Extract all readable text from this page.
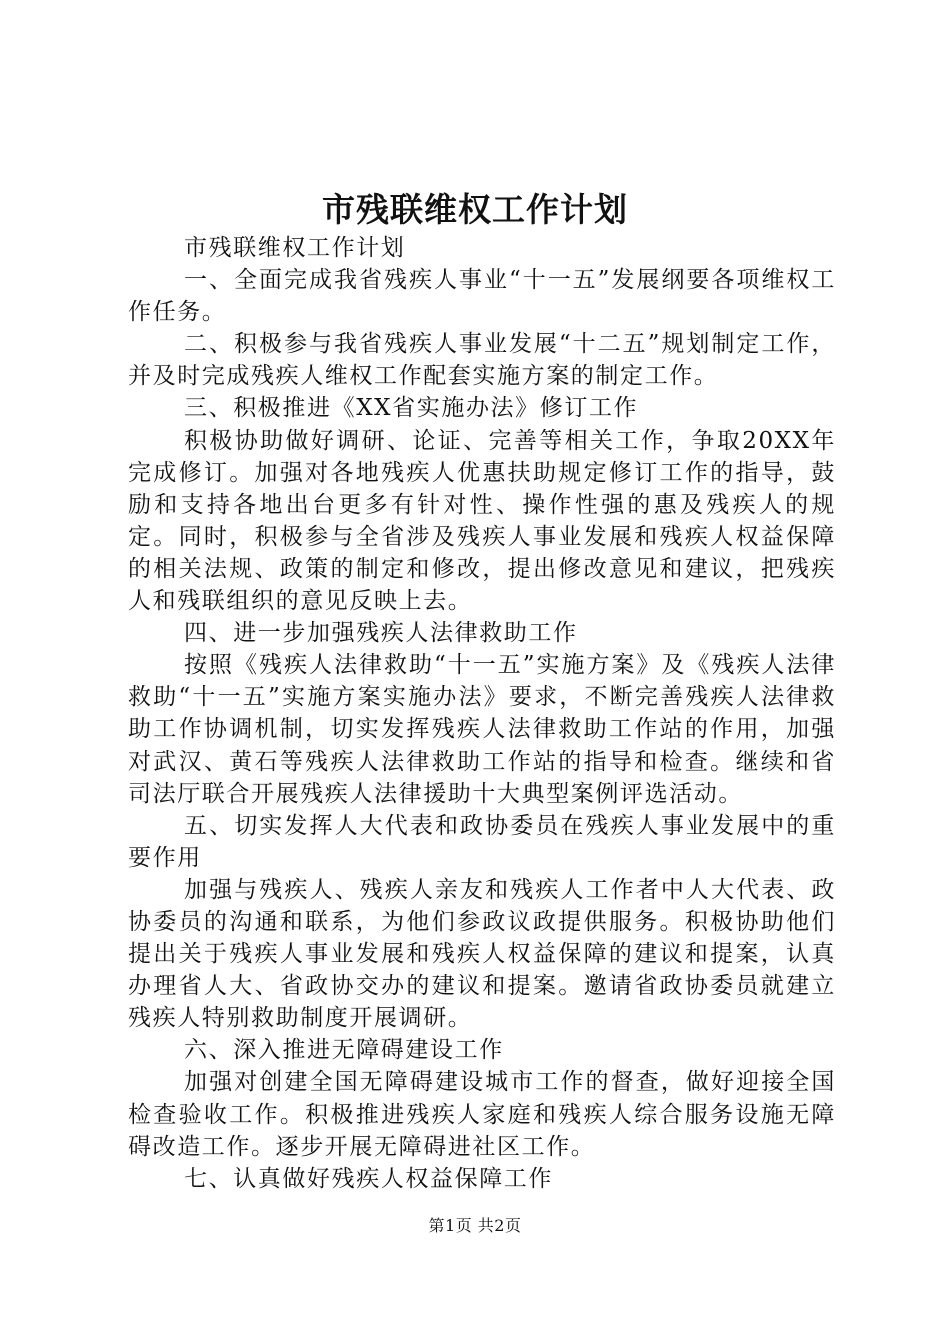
市残联维权工作计划

市残联维权工作计划

一、全面完成我省残疾人事业“十一五”发展纲要各项维权工作任务。

二、积极参与我省残疾人事业发展“十二五”规划制定工作，并及时完成残疾人维权工作配套实施方案的制定工作。

三、积极推进《XX省实施办法》修订工作

积极协助做好调研、论证、完善等相关工作，争取20XX年完成修订。加强对各地残疾人优惠扶助规定修订工作的指导，鼓励和支持各地出台更多有针对性、操作性强的惠及残疾人的规定。同时，积极参与全省涉及残疾人事业发展和残疾人权益保障的相关法规、政策的制定和修改，提出修改意见和建议，把残疾人和残联组织的意见反映上去。

四、进一步加强残疾人法律救助工作

按照《残疾人法律救助“十一五”实施方案》及《残疾人法律救助“十一五”实施方案实施办法》要求，不断完善残疾人法律救助工作协调机制，切实发挥残疾人法律救助工作站的作用，加强对武汉、黄石等残疾人法律救助工作站的指导和检查。继续和省司法厅联合开展残疾人法律援助十大典型案例评选活动。

五、切实发挥人大代表和政协委员在残疾人事业发展中的重要作用

加强与残疾人、残疾人亲友和残疾人工作者中人大代表、政协委员的沟通和联系，为他们参政议政提供服务。积极协助他们提出关于残疾人事业发展和残疾人权益保障的建议和提案，认真办理省人大、省政协交办的建议和提案。邀请省政协委员就建立残疾人特别救助制度开展调研。

六、深入推进无障碍建设工作

加强对创建全国无障碍建设城市工作的督查，做好迎接全国检查验收工作。积极推进残疾人家庭和残疾人综合服务设施无障碍改造工作。逐步开展无障碍进社区工作。

七、认真做好残疾人权益保障工作

第1页 共2页
